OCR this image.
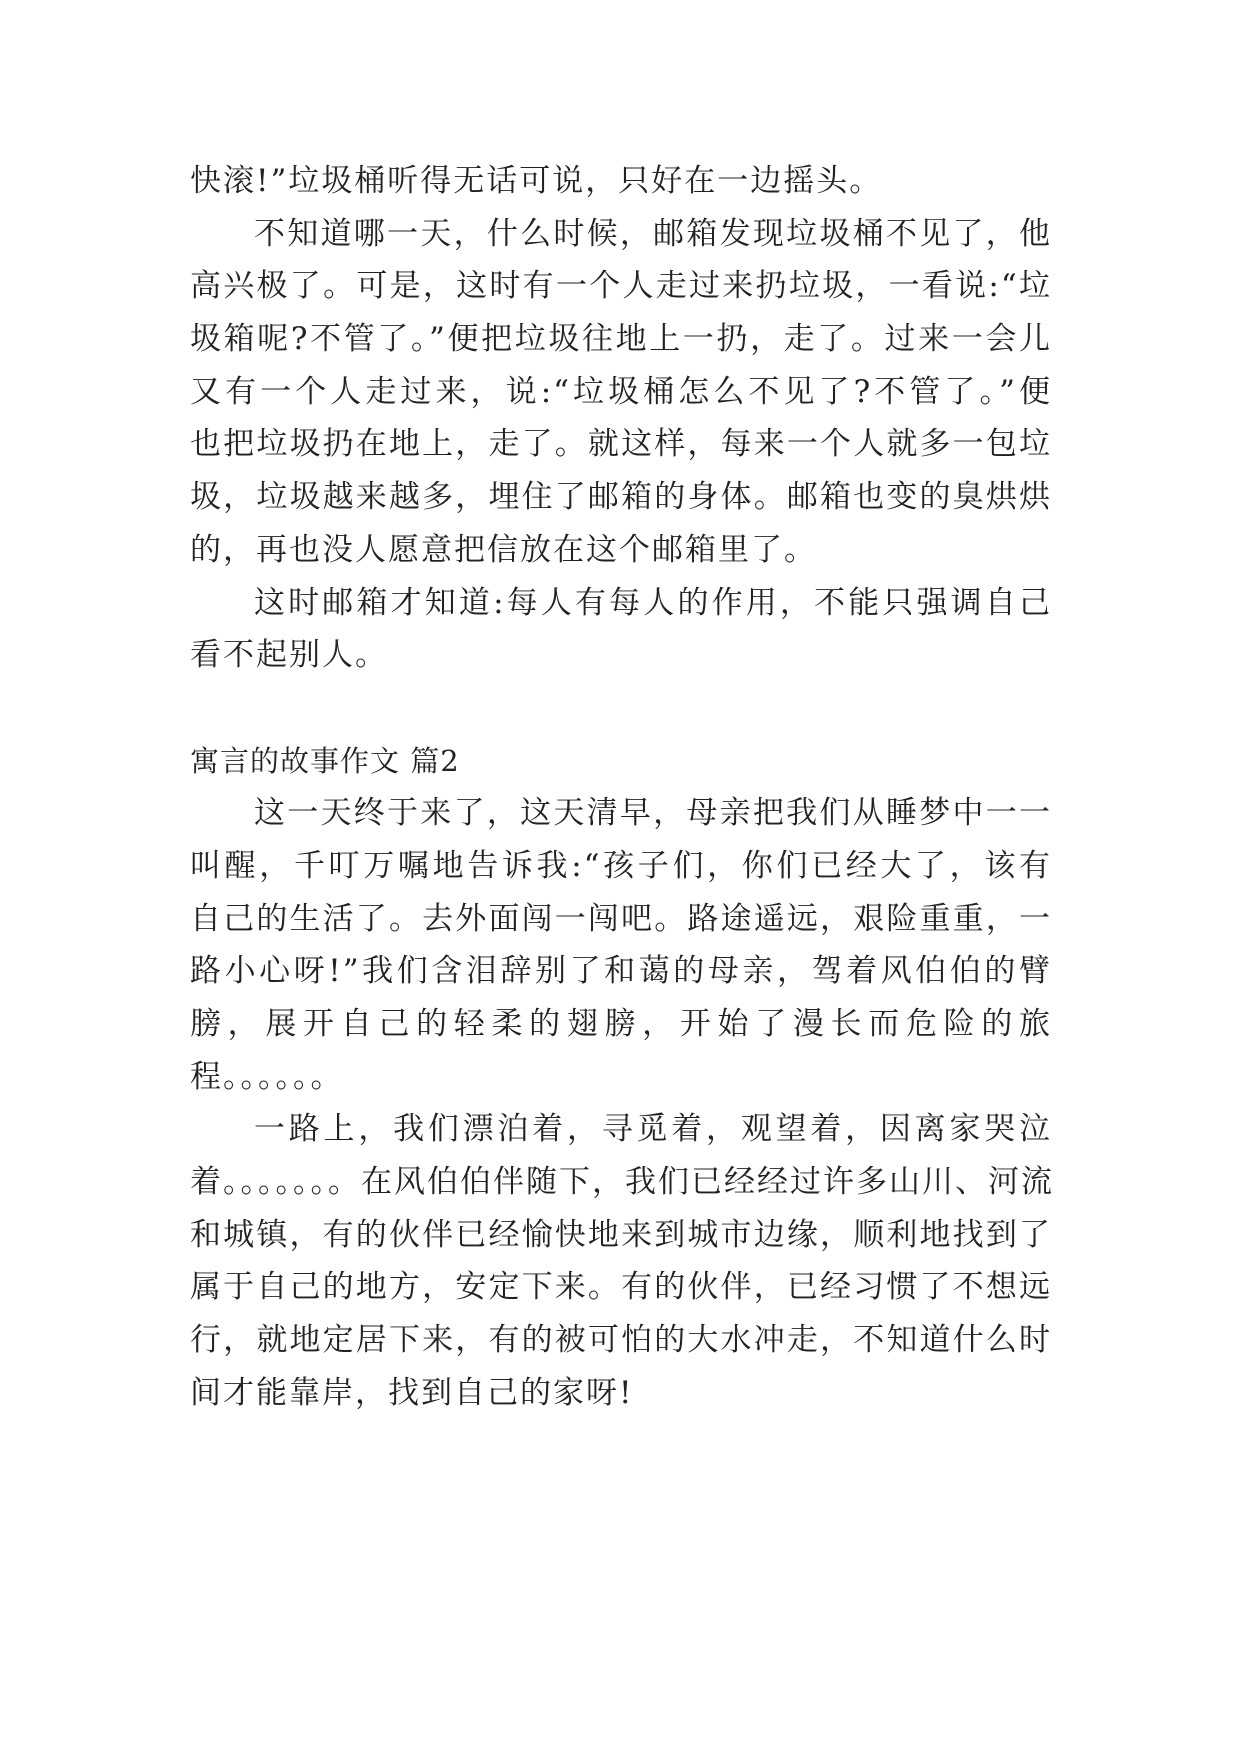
快滚!”垃圾桶听得无话可说，只好在一边摇头。
不知道哪一天，什么时候，邮箱发现垃圾桶不见了，他
高兴极了。可是，这时有一个人走过来扔垃圾，一看说:“垃
圾箱呢?不管了。”便把垃圾往地上一扔，走了。过来一会儿
又有一个人走过来，说:“垃圾桶怎么不见了?不管了。”便
也把垃圾扔在地上，走了。就这样，每来一个人就多一包垃
圾，垃圾越来越多，埋住了邮箱的身体。邮箱也变的臭烘烘
的，再也没人愿意把信放在这个邮箱里了。
这时邮箱才知道:每人有每人的作用，不能只强调自己
看不起别人。
寓言的故事作文 篇2
这一天终于来了，这天清早，母亲把我们从睡梦中一一
叫醒，千叮万嘱地告诉我:“孩子们，你们已经大了，该有
自己的生活了。去外面闯一闯吧。路途遥远，艰险重重，一
路小心呀!”我们含泪辞别了和蔼的母亲，驾着风伯伯的臂
膀，展开自己的轻柔的翅膀，开始了漫长而危险的旅
程。。。。。。
一路上，我们漂泊着，寻觅着，观望着，因离家哭泣
着。。。。。。。在风伯伯伴随下，我们已经经过许多山川、河流
和城镇，有的伙伴已经愉快地来到城市边缘，顺利地找到了
属于自己的地方，安定下来。有的伙伴，已经习惯了不想远
行，就地定居下来，有的被可怕的大水冲走，不知道什么时
间才能靠岸，找到自己的家呀!
